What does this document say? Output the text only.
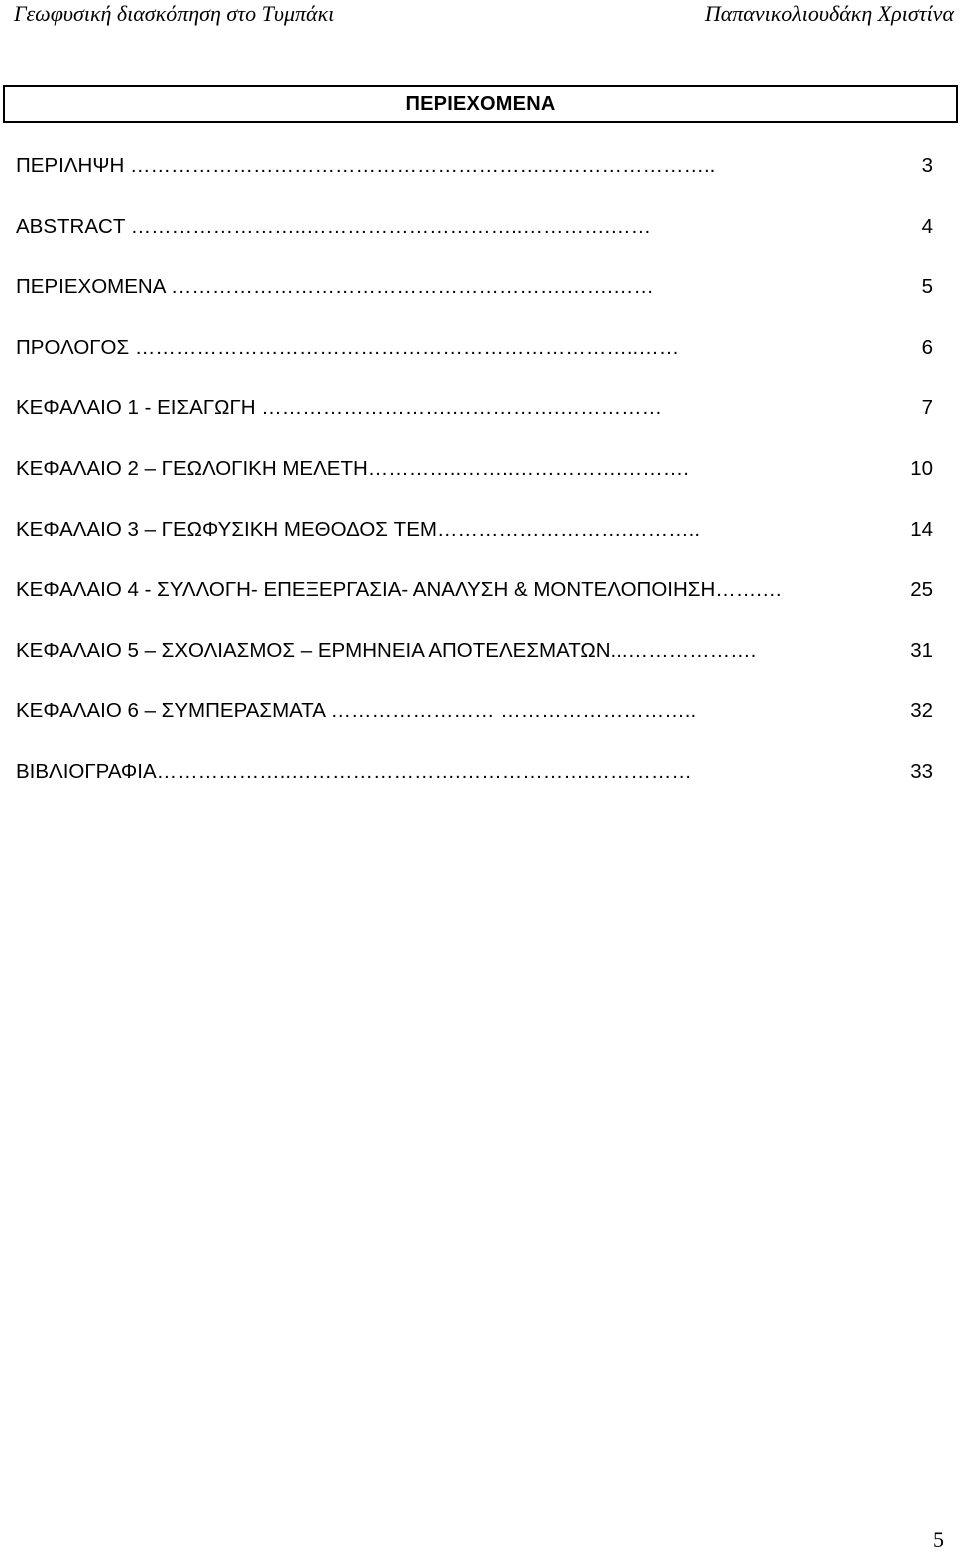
Γεωφυσική διασκόπηση στο Τυμπάκι	Παπανικολιουδάκη Χριστίνα
ΠΕΡΙΕΧΟΜΕΝΑ
ΠΕΡΙΛΗΨΗ …………………………………………………………………………..	3
ABSTRACT ……………………..…………………………..………….……	4
ΠΕΡΙΕΧΟΜΕΝΑ ………………………………………………….…….……	5
ΠΡΟΛΟΓΟΣ ………………………………………………………………..……	6
ΚΕΦΑΛΑΙΟ 1 - ΕΙΣΑΓΩΓΗ ……………………….…………….……………	7
ΚΕΦΑΛΑΙΟ 2 – ΓΕΩΛΟΓΙΚΗ ΜΕΛΕΤΗ…………..……..…………….……….	10
ΚΕΦΑΛΑΙΟ 3 – ΓΕΩΦΥΣΙΚΗ ΜΕΘΟΔΟΣ TEM……………………….………..	14
ΚΕΦΑΛΑΙΟ 4 - ΣΥΛΛΟΓΗ- ΕΠΕΞΕΡΓΑΣΙΑ- ΑΝΑΛΥΣΗ & ΜΟΝΤΕΛΟΠΟΙΗΣΗ…….…	25
ΚΕΦΑΛΑΙΟ 5 – ΣΧΟΛΙΑΣΜΟΣ – ΕΡΜΗΝΕΙΑ ΑΠΟΤΕΛΕΣΜΑΤΩΝ...……………….	31
ΚΕΦΑΛΑΙΟ 6 – ΣΥΜΠΕΡΑΣΜΑΤΑ …………………… ………………………..	32
ΒΙΒΛΙΟΓΡΑΦΙΑ………………..…………………….……………….……………	33
5
